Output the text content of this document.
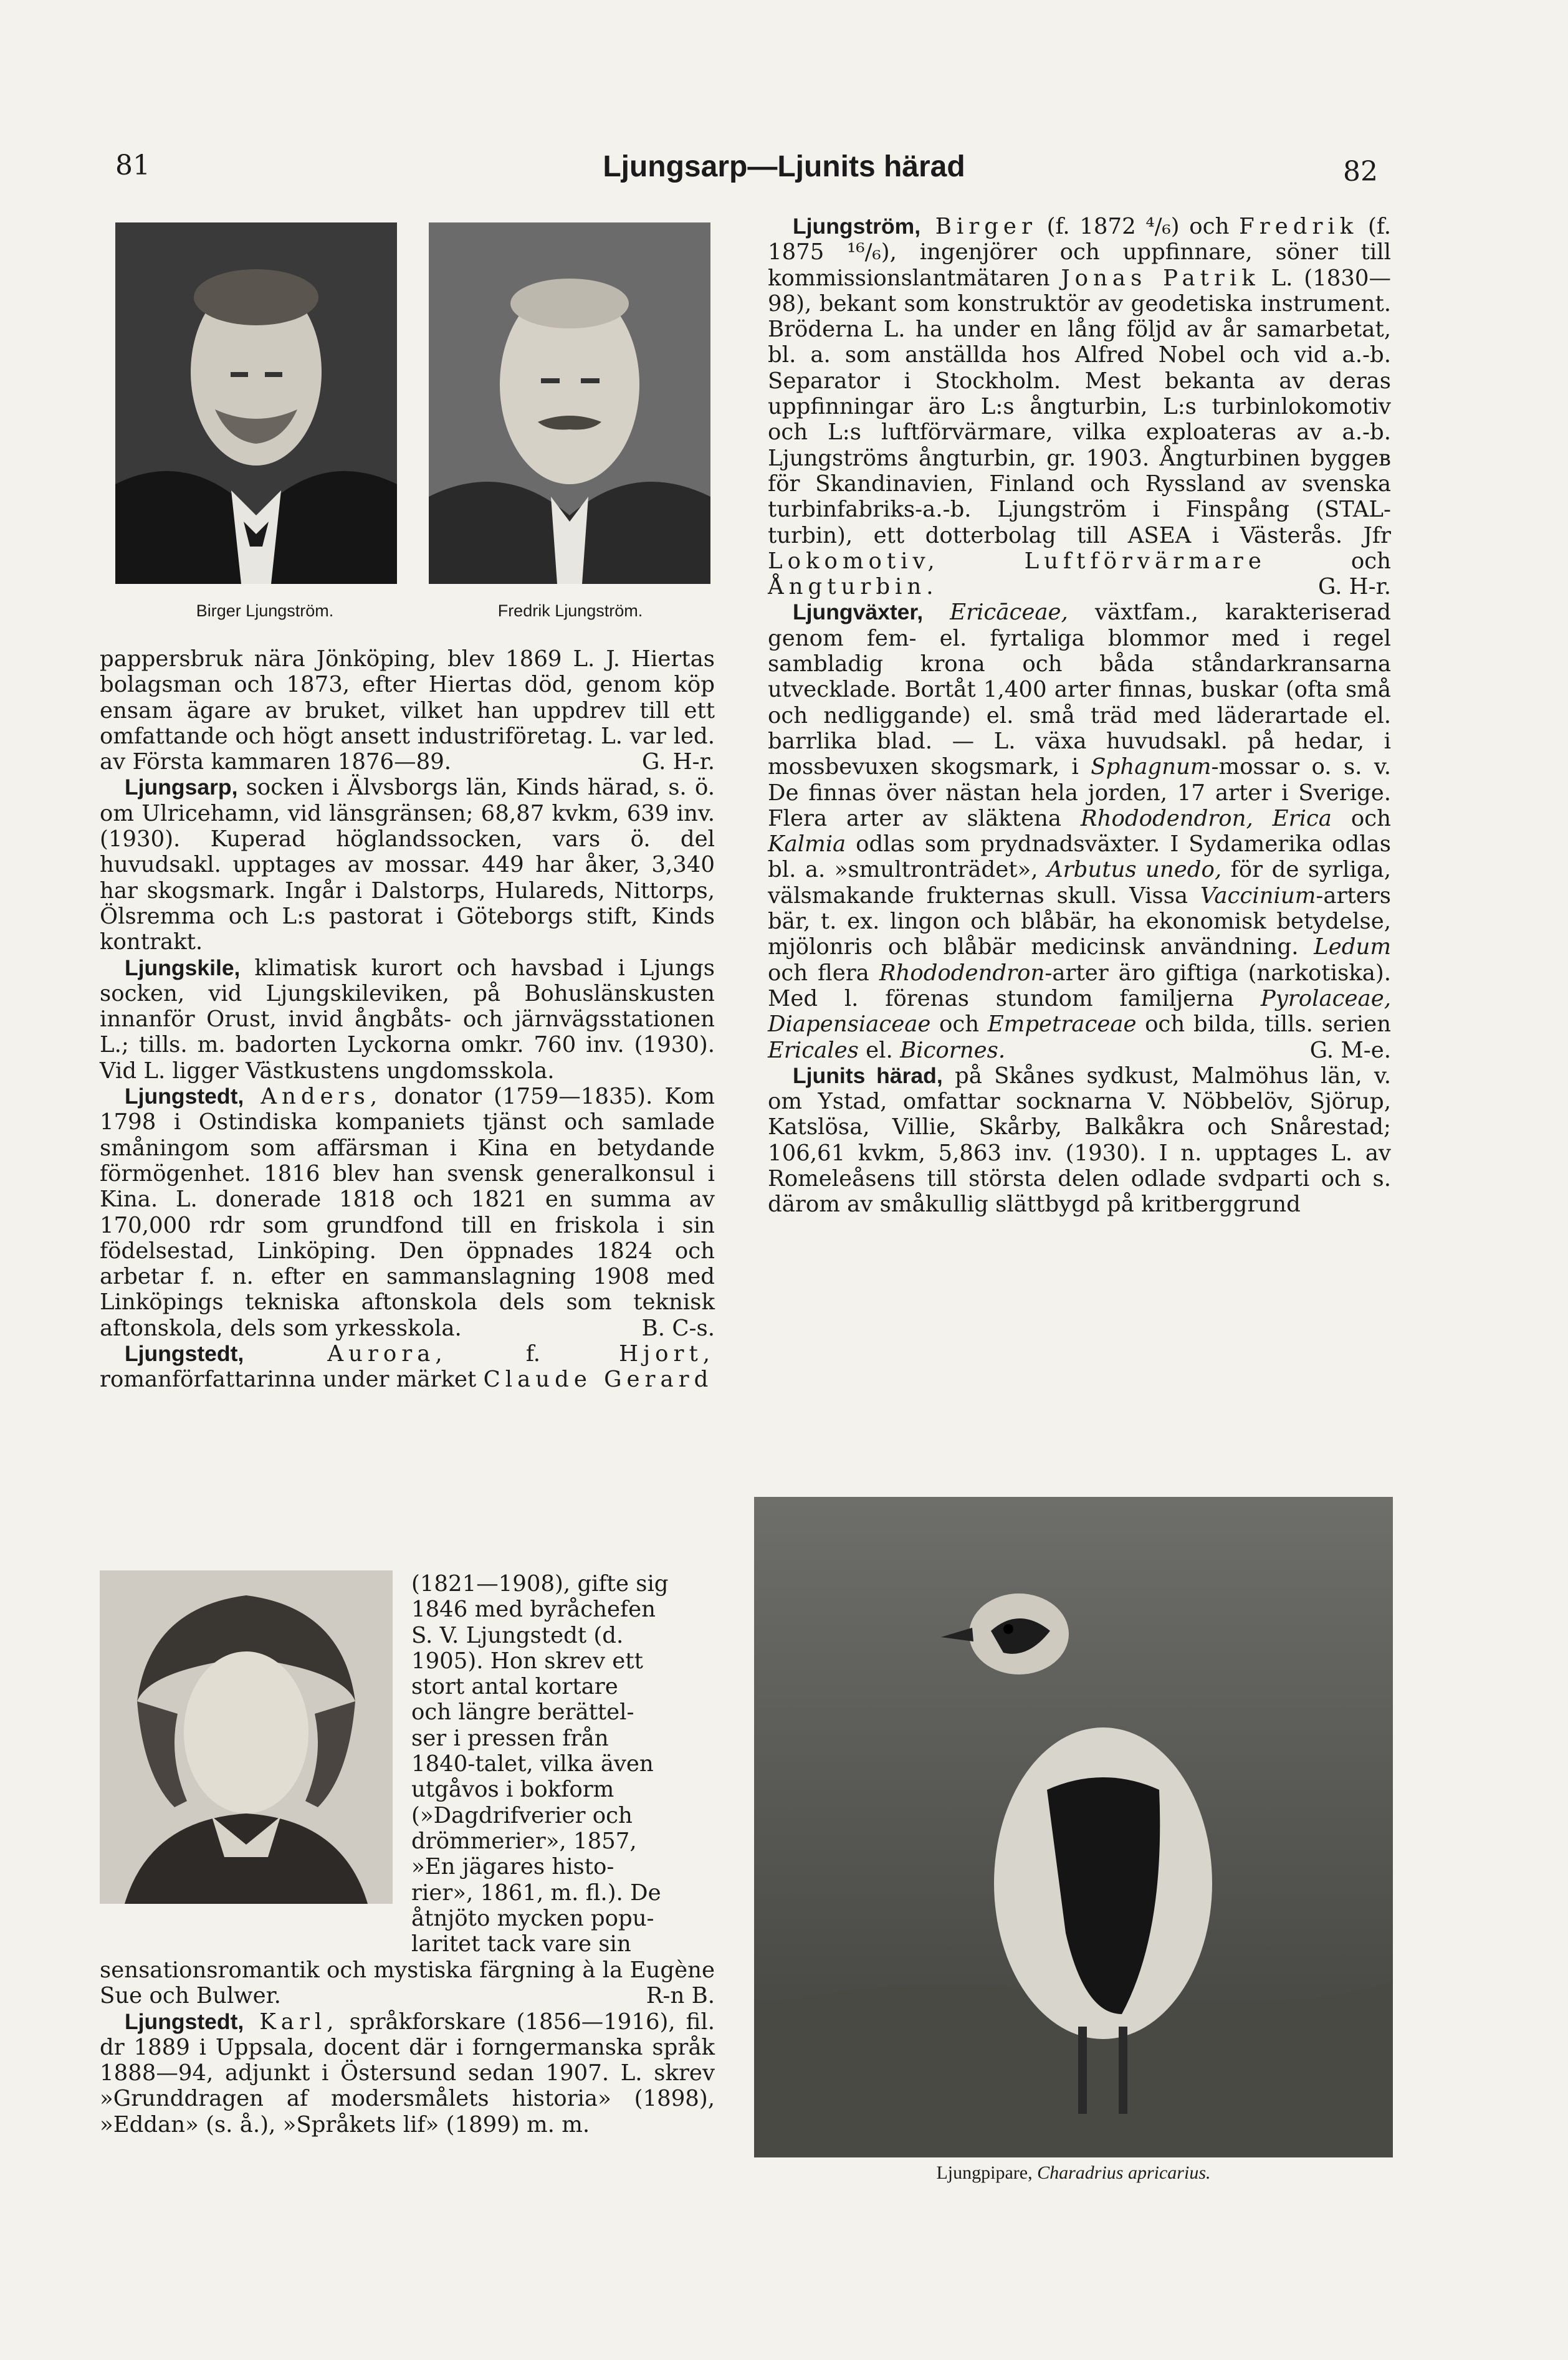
81	Ljungsarp—Ljunits härad	82
Birger Ljungström.	Fredrik Ljungström.

pappersbruk nära Jönköping, blev 1869 L. J. Hiertas bolagsman och 1873, efter Hiertas död, genom köp ensam ägare av bruket, vilket han uppdrev till ett omfattande och högt ansett industriföretag. L. var led. av Första kammaren 1876—89.	G. H-r.

Ljungsarp, socken i Älvsborgs län, Kinds härad, s. ö. om Ulricehamn, vid länsgränsen; 68,87 kvkm, 639 inv. (1930). Kuperad höglandssocken, vars ö. del huvudsakl. upptages av mossar. 449 har åker, 3,340 har skogsmark. Ingår i Dalstorps, Hulareds, Nittorps, Ölsremma och L:s pastorat i Göteborgs stift, Kinds kontrakt.

Ljungskile, klimatisk kurort och havsbad i Ljungs socken, vid Ljungskileviken, på Bohuslänskusten innanför Orust, invid ångbåts- och järnvägsstationen L.; tills. m. badorten Lyckorna omkr. 760 inv. (1930). Vid L. ligger Västkustens ungdomsskola.

Ljungstedt, Anders, donator (1759—1835). Kom 1798 i Ostindiska kompaniets tjänst och samlade småningom som affärsman i Kina en betydande förmögenhet. 1816 blev han svensk generalkonsul i Kina. L. donerade 1818 och 1821 en summa av 170,000 rdr som grundfond till en friskola i sin födelsestad, Linköping. Den öppnades 1824 och arbetar f. n. efter en sammanslagning 1908 med Linköpings tekniska aftonskola dels som teknisk aftonskola, dels som yrkesskola.	B. C-s.

Ljungstedt, Aurora, f. Hjort, romanförfattarinna under märket Claude Gerard

(1821—1908), gifte sig
1846 med byråchefen
S. V. Ljungstedt (d.
1905). Hon skrev ett
stort antal kortare
och längre berättel-
ser i pressen från
1840-talet, vilka även
utgåvos i bokform
(»Dagdrifverier och
drömmerier», 1857,
»En jägares histo-
rier», 1861, m. fl.). De
åtnjöto mycken popu-
laritet tack vare sin

sensationsromantik och mystiska färgning à la Eugène Sue och Bulwer.	R-n B.

Ljungstedt, Karl, språkforskare (1856—1916), fil. dr 1889 i Uppsala, docent där i forngermanska språk 1888—94, adjunkt i Östersund sedan 1907. L. skrev »Grunddragen af modersmålets historia» (1898), »Eddan» (s. å.), »Språkets lif» (1899) m. m.

Ljungström, Birger (f. 1872 ⁴/₆) och Fredrik (f. 1875 ¹⁶/₆), ingenjörer och uppfinnare, söner till kommissionslantmätaren Jonas Patrik L. (1830—98), bekant som konstruktör av geodetiska instrument. Bröderna L. ha under en lång följd av år samarbetat, bl. a. som anställda hos Alfred Nobel och vid a.-b. Separator i Stockholm. Mest bekanta av deras uppfinningar äro L:s ångturbin, L:s turbinlokomotiv och L:s luftförvärmare, vilka exploateras av a.-b. Ljungströms ångturbin, gr. 1903. Ångturbinen byggeв för Skandinavien, Finland och Ryssland av svenska turbinfabriks-a.-b. Ljungström i Finspång (STAL-turbin), ett dotterbolag till ASEA i Västerås. Jfr Lokomotiv,	Luftförvärmare och Ångturbin.	G. H-r.

Ljungväxter, Ericāceae, växtfam., karakteriserad genom fem- el. fyrtaliga blommor med i regel sambladig krona och båda ståndarkransarna utvecklade. Bortåt 1,400 arter finnas, buskar (ofta små och nedliggande) el. små träd med läderartade el. barrlika blad. — L. växa huvudsakl. på hedar, i mossbevuxen skogsmark, i Sphagnum-mossar o. s. v. De finnas över nästan hela jorden, 17 arter i Sverige. Flera arter av släktena Rhododendron, Erica och Kalmia odlas som prydnadsväxter. I Sydamerika odlas bl. a. »smultronträdet», Arbutus unedo, för de syrliga, välsmakande frukternas skull. Vissa Vaccinium-arters bär, t. ex. lingon och blåbär, ha ekonomisk betydelse, mjölonris och blåbär medicinsk användning. Ledum och flera Rhododendron-arter äro giftiga (narkotiska). Med l. förenas stundom familjerna Pyrolaceae, Diapensiaceae och Empetraceae och bilda, tills. serien Ericales el. Bicornes.	G. M-e.

Ljunits härad, på Skånes sydkust, Malmöhus län, v. om Ystad, omfattar socknarna V. Nöbbelöv, Sjörup, Katslösa, Villie, Skårby, Balkåkra och Snårestad; 106,61 kvkm, 5,863 inv. (1930). I n. upptages L. av Romeleåsens till största delen odlade svdparti och s. därom av småkullig slättbygd på kritberggrund

Ljungpipare, Charadrius apricarius.
